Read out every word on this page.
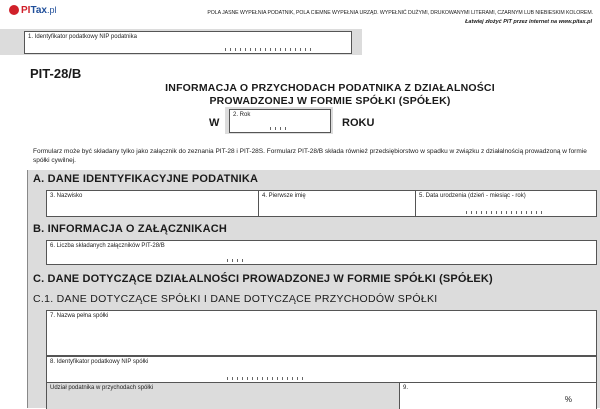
PI Tax .pl	POLA JASNE WYPEŁNIA PODATNIK, POLA CIEMNE WYPEŁNIA URZĄD. WYPEŁNIĆ DUŻYMI, DRUKOWANYMI LITERAMI, CZARNYM LUB NIEBIESKIM KOLOREM.
Łatwiej złożyć PIT przez internet na www.pitax.pl
1. Identyfikator podatkowy NIP podatnika
PIT-28/B
INFORMACJA O PRZYCHODACH PODATNIKA Z DZIAŁALNOŚCI
PROWADZONEJ W FORMIE SPÓŁKI (SPÓŁEK)
W
2. Rok
ROKU
Formularz może być składany tylko jako załącznik do zeznania PIT-28 i PIT-28S. Formularz PIT-28/B składa również przedsiębiorstwo w spadku w związku z działalnością prowadzoną w formie spółki cywilnej.
A. DANE IDENTYFIKACYJNE PODATNIKA
3. Nazwisko	4. Pierwsze imię	5. Data urodzenia (dzień - miesiąc - rok)
B. INFORMACJA O ZAŁĄCZNIKACH
6. Liczba składanych załączników PIT-28/B
C. DANE DOTYCZĄCE DZIAŁALNOŚCI PROWADZONEJ W FORMIE SPÓŁKI (SPÓŁEK)
C.1. DANE DOTYCZĄCE SPÓŁKI I DANE DOTYCZĄCE PRZYCHODÓW SPÓŁKI
7. Nazwa pełna spółki
8. Identyfikator podatkowy NIP spółki
Udział podatnika w przychodach spółki	9.
%
